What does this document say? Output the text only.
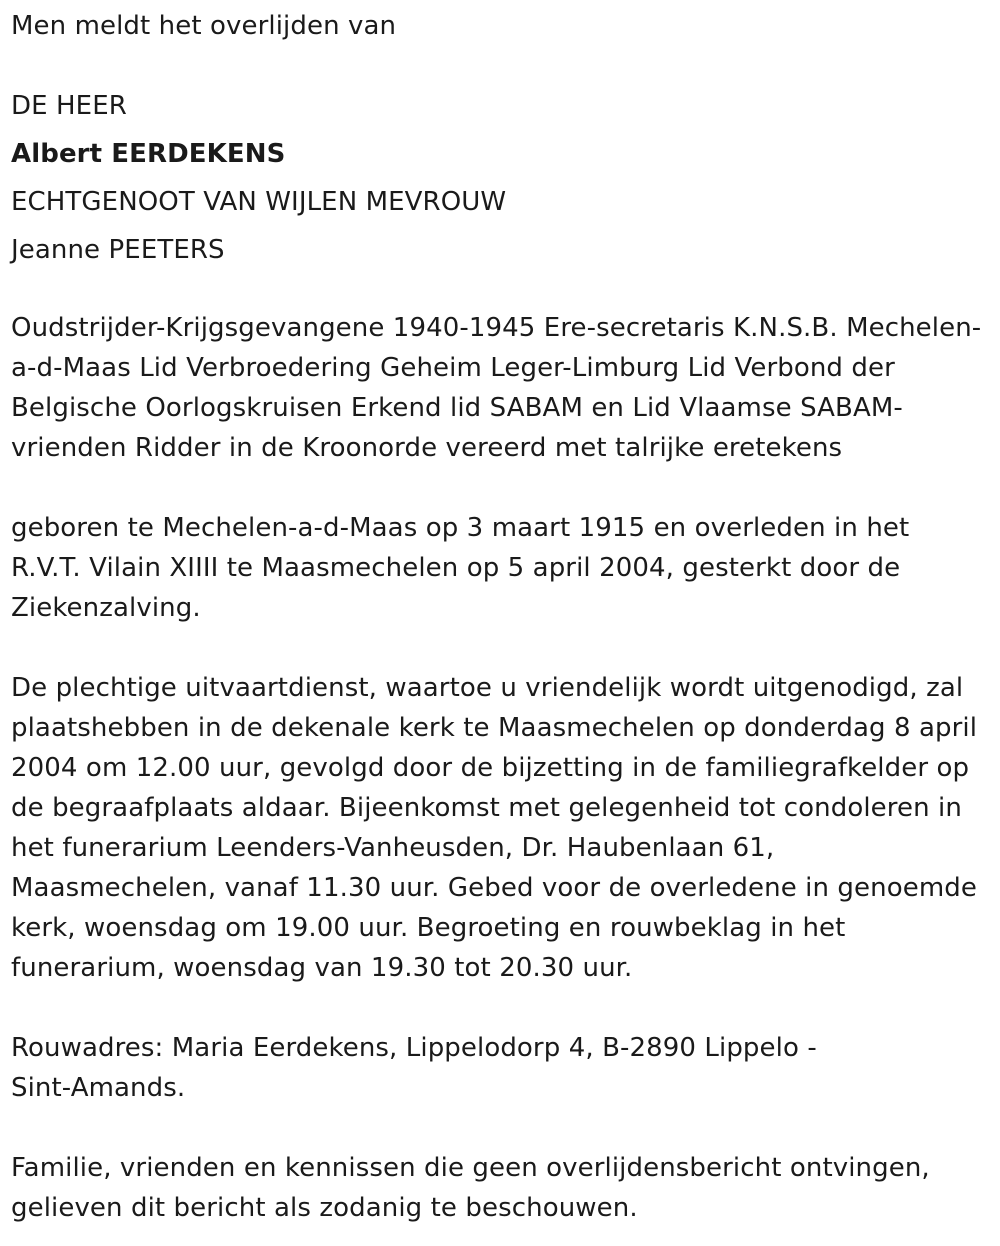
Men meldt het overlijden van

DE HEER
Albert EERDEKENS
ECHTGENOOT VAN WIJLEN MEVROUW
Jeanne PEETERS
Oudstrijder-Krijgsgevangene 1940-1945 Ere-secretaris K.N.S.B. Mechelen-
a-d-Maas Lid Verbroedering Geheim Leger-Limburg Lid Verbond der
Belgische Oorlogskruisen Erkend lid SABAM en Lid Vlaamse SABAM-
vrienden Ridder in de Kroonorde vereerd met talrijke eretekens
geboren te Mechelen-a-d-Maas op 3 maart 1915 en overleden in het
R.V.T. Vilain XIIII te Maasmechelen op 5 april 2004, gesterkt door de
Ziekenzalving.
De plechtige uitvaartdienst, waartoe u vriendelijk wordt uitgenodigd, zal
plaatshebben in de dekenale kerk te Maasmechelen op donderdag 8 april
2004 om 12.00 uur, gevolgd door de bijzetting in de familiegrafkelder op
de begraafplaats aldaar. Bijeenkomst met gelegenheid tot condoleren in
het funerarium Leenders-Vanheusden, Dr. Haubenlaan 61,
Maasmechelen, vanaf 11.30 uur. Gebed voor de overledene in genoemde
kerk, woensdag om 19.00 uur. Begroeting en rouwbeklag in het
funerarium, woensdag van 19.30 tot 20.30 uur.
Rouwadres: Maria Eerdekens, Lippelodorp 4, B-2890 Lippelo -
Sint-Amands.
Familie, vrienden en kennissen die geen overlijdensbericht ontvingen,
gelieven dit bericht als zodanig te beschouwen.
